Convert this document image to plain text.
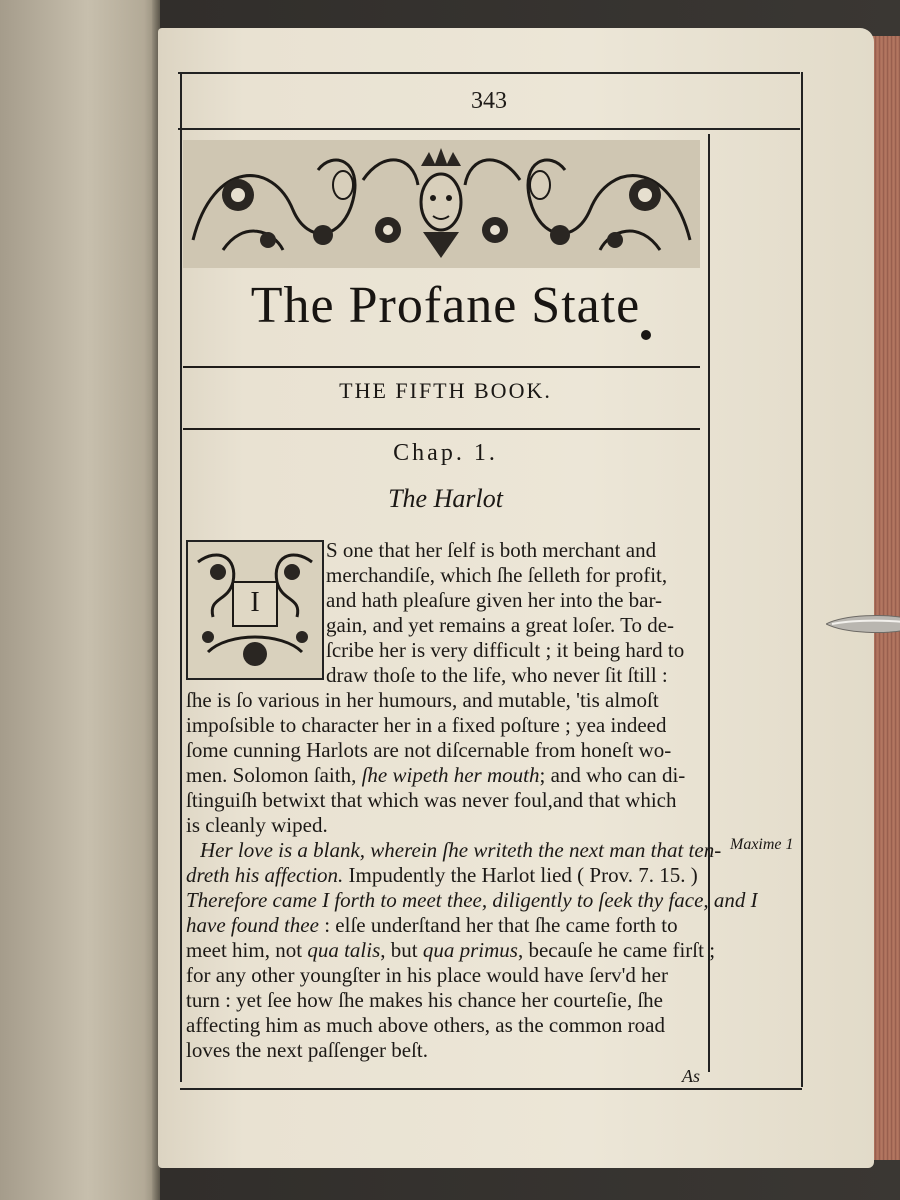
343
The Profane State
THE FIFTH BOOK.
Chap. 1.
The Harlot
I
S one that her ſelf is both merchant and
merchandiſe, which ſhe ſelleth for profit,
and hath pleaſure given her into the bar-
gain, and yet remains a great loſer. To de-
ſcribe her is very difficult ; it being hard to
draw thoſe to the life, who never ſit ſtill :
ſhe is ſo various in her humours, and mutable, 'tis almoſt
impoſsible to character her in a fixed poſture ; yea indeed
ſome cunning Harlots are not diſcernable from honeſt wo-
men. Solomon ſaith, ſhe wipeth her mouth; and who can di-
ſtinguiſh betwixt that which was never foul,and that which
is cleanly wiped.
Her love is a blank, wherein ſhe writeth the next man that ten-
dreth his affection. Impudently the Harlot lied ( Prov. 7. 15. )
Therefore came I forth to meet thee, diligently to ſeek thy face, and I
have found thee : elſe underſtand her that ſhe came forth to
meet him, not qua talis, but qua primus, becauſe he came firſt ;
for any other youngſter in his place would have ſerv'd her
turn : yet ſee how ſhe makes his chance her courteſie, ſhe
affecting him as much above others, as the common road
loves the next paſſenger beſt.
Maxime 1
As
